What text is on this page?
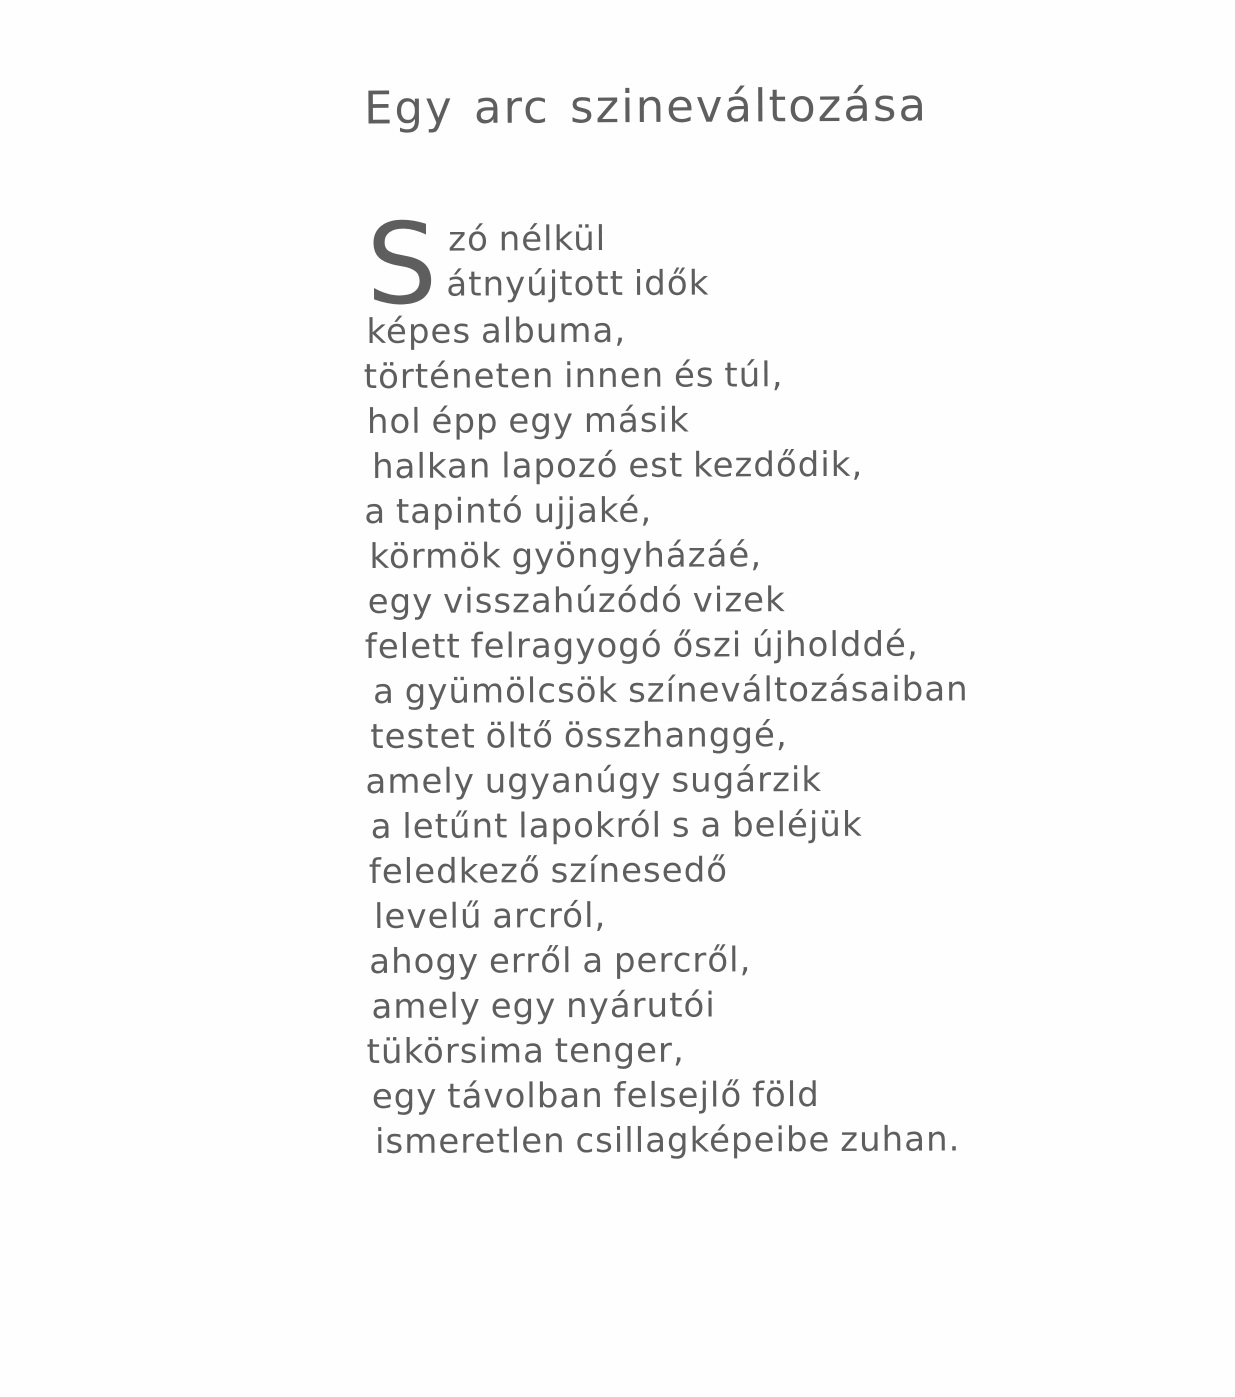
Egy arc szineváltozása
S zó nélkül
átnyújtott idők
képes albuma,
történeten innen és túl,
hol épp egy másik
halkan lapozó est kezdődik,
a tapintó ujjaké,
körmök gyöngyházáé,
egy visszahúzódó vizek
felett felragyogó őszi újholddé,
a gyümölcsök színeváltozásaiban
testet öltő összhanggé,
amely ugyanúgy sugárzik
a letűnt lapokról s a beléjük
feledkező színesedő
levelű arcról,
ahogy erről a percről,
amely egy nyárutói
tükörsima tenger,
egy távolban felsejlő föld
ismeretlen csillagképeibe zuhan.
